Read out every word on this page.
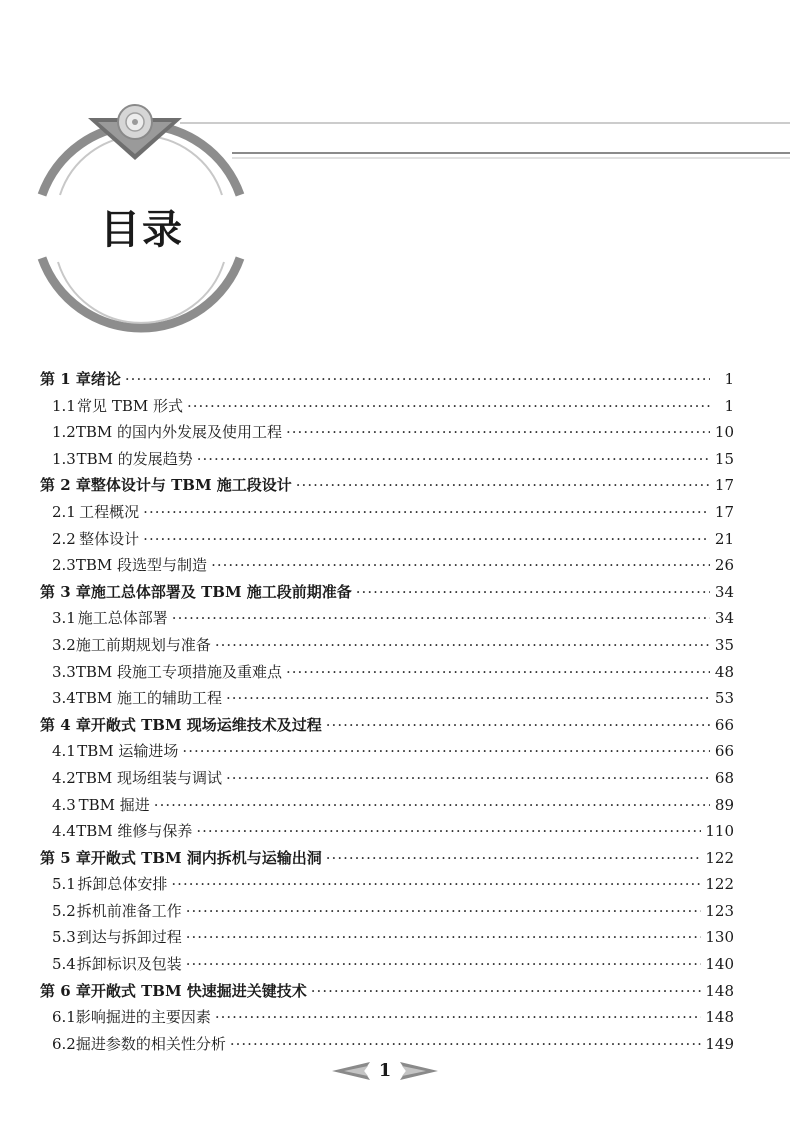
目录
第 1 章 绪论 ·····	1
1.1 常见 TBM 形式 ·····	1
1.2 TBM 的国内外发展及使用工程 ·····	10
1.3 TBM 的发展趋势 ·····	15
第 2 章 整体设计与 TBM 施工段设计 ·····	17
2.1 工程概况 ·····	17
2.2 整体设计 ·····	21
2.3 TBM 段选型与制造 ·····	26
第 3 章 施工总体部署及 TBM 施工段前期准备 ·····	34
3.1 施工总体部署 ·····	34
3.2 施工前期规划与准备 ·····	35
3.3 TBM 段施工专项措施及重难点 ·····	48
3.4 TBM 施工的辅助工程 ·····	53
第 4 章 开敞式 TBM 现场运维技术及过程 ·····	66
4.1 TBM 运输进场 ·····	66
4.2 TBM 现场组装与调试 ·····	68
4.3 TBM 掘进 ·····	89
4.4 TBM 维修与保养 ·····	110
第 5 章 开敞式 TBM 洞内拆机与运输出洞 ·····	122
5.1 拆卸总体安排 ·····	122
5.2 拆机前准备工作 ·····	123
5.3 到达与拆卸过程 ·····	130
5.4 拆卸标识及包装 ·····	140
第 6 章 开敞式 TBM 快速掘进关键技术 ·····	148
6.1 影响掘进的主要因素 ·····	148
6.2 掘进参数的相关性分析 ·····	149
1
